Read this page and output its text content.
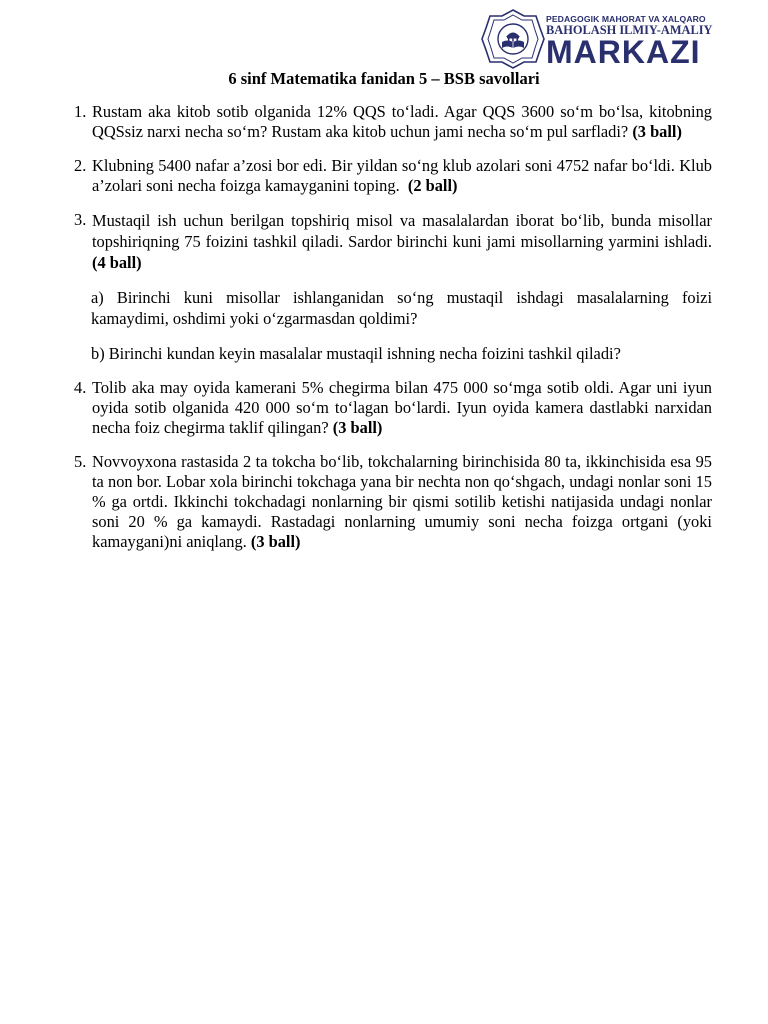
PEDAGOGIK MAHORAT VA XALQARO
BAHOLASH ILMIY-AMALIY
MARKAZI
6 sinf Matematika fanidan 5 – BSB savollari
1. Rustam aka kitob sotib olganida 12% QQS to‘ladi. Agar QQS 3600 so‘m bo‘lsa, kitobning QQSsiz narxi necha so‘m? Rustam aka kitob uchun jami necha so‘m pul sarfladi? (3 ball)
2. Klubning 5400 nafar a’zosi bor edi. Bir yildan so‘ng klub azolari soni 4752 nafar bo‘ldi. Klub a’zolari soni necha foizga kamayganini toping. (2 ball)
3. Mustaqil ish uchun berilgan topshiriq misol va masalalardan iborat bo‘lib, bunda misollar topshiriqning 75 foizini tashkil qiladi. Sardor birinchi kuni jami misollarning yarmini ishladi. (4 ball)
a) Birinchi kuni misollar ishlanganidan so‘ng mustaqil ishdagi masalalarning foizi kamaydimi, oshdimi yoki o‘zgarmasdan qoldimi?
b) Birinchi kundan keyin masalalar mustaqil ishning necha foizini tashkil qiladi?
4. Tolib aka may oyida kamerani 5% chegirma bilan 475 000 so‘mga sotib oldi. Agar uni iyun oyida sotib olganida 420 000 so‘m to‘lagan bo‘lardi. Iyun oyida kamera dastlabki narxidan necha foiz chegirma taklif qilingan? (3 ball)
5. Novvoyxona rastasida 2 ta tokcha bo‘lib, tokchalarning birinchisida 80 ta, ikkinchisida esa 95 ta non bor. Lobar xola birinchi tokchaga yana bir nechta non qo‘shgach, undagi nonlar soni 15 % ga ortdi. Ikkinchi tokchadagi nonlarning bir qismi sotilib ketishi natijasida undagi nonlar soni 20 % ga kamaydi. Rastadagi nonlarning umumiy soni necha foizga ortgani (yoki kamaygani)ni aniqlang. (3 ball)
